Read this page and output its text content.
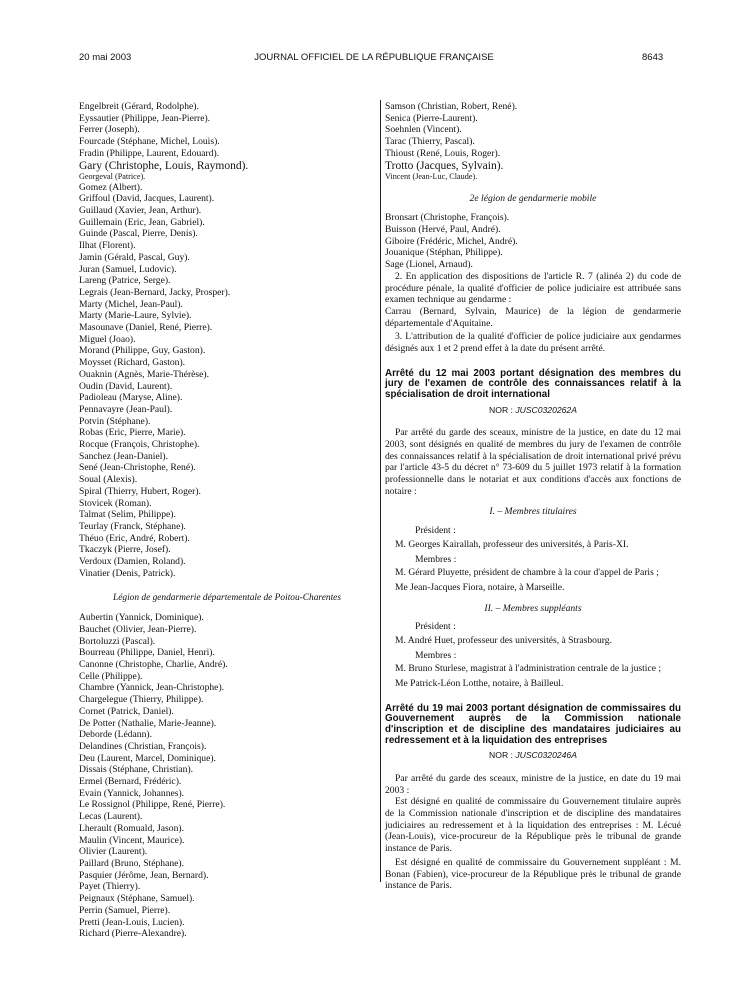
20 mai 2003	JOURNAL OFFICIEL DE LA RÉPUBLIQUE FRANÇAISE	8643
Engelbreit (Gérard, Rodolphe).
Eyssautier (Philippe, Jean-Pierre).
Ferrer (Joseph).
Fourcade (Stéphane, Michel, Louis).
Fradin (Philippe, Laurent, Edouard).
Gary (Christophe, Louis, Raymond).
Georgeval (Patrice).
Gomez (Albert).
Griffoul (David, Jacques, Laurent).
Guillaud (Xavier, Jean, Arthur).
Guillemain (Eric, Jean, Gabriel).
Guinde (Pascal, Pierre, Denis).
Ilhat (Florent).
Jamin (Gérald, Pascal, Guy).
Juran (Samuel, Ludovic).
Lareng (Patrice, Serge).
Legrais (Jean-Bernard, Jacky, Prosper).
Marty (Michel, Jean-Paul).
Marty (Marie-Laure, Sylvie).
Masounave (Daniel, René, Pierre).
Miguel (Joao).
Morand (Philippe, Guy, Gaston).
Moysset (Richard, Gaston).
Ouaknin (Agnès, Marie-Thérèse).
Oudin (David, Laurent).
Padioleau (Maryse, Aline).
Pennavayre (Jean-Paul).
Potvin (Stéphane).
Robas (Eric, Pierre, Marie).
Rocque (François, Christophe).
Sanchez (Jean-Daniel).
Sené (Jean-Christophe, René).
Soual (Alexis).
Spiral (Thierry, Hubert, Roger).
Stovicek (Roman).
Talmat (Selim, Philippe).
Teurlay (Franck, Stéphane).
Théuo (Eric, André, Robert).
Tkaczyk (Pierre, Josef).
Verdoux (Damien, Roland).
Vinatier (Denis, Patrick).
Légion de gendarmerie départementale de Poitou-Charentes
Aubertin (Yannick, Dominique).
Bauchet (Olivier, Jean-Pierre).
Bortoluzzi (Pascal).
Bourreau (Philippe, Daniel, Henri).
Canonne (Christophe, Charlie, André).
Celle (Philippe).
Chambre (Yannick, Jean-Christophe).
Chargelegue (Thierry, Philippe).
Cornet (Patrick, Daniel).
De Potter (Nathalie, Marie-Jeanne).
Deborde (Lédann).
Delandines (Christian, François).
Deu (Laurent, Marcel, Dominique).
Dissais (Stéphane, Christian).
Ermel (Bernard, Frédéric).
Evain (Yannick, Johannes).
Le Rossignol (Philippe, René, Pierre).
Lecas (Laurent).
Lherault (Romuald, Jason).
Maulin (Vincent, Maurice).
Olivier (Laurent).
Paillard (Bruno, Stéphane).
Pasquier (Jérôme, Jean, Bernard).
Payet (Thierry).
Peignaux (Stéphane, Samuel).
Perrin (Samuel, Pierre).
Pretti (Jean-Louis, Lucien).
Richard (Pierre-Alexandre).
Samson (Christian, Robert, René).
Senica (Pierre-Laurent).
Soehnlen (Vincent).
Tarac (Thierry, Pascal).
Thioust (René, Louis, Roger).
Trotto (Jacques, Sylvain).
Vincent (Jean-Luc, Claude).
2e légion de gendarmerie mobile
Bronsart (Christophe, François).
Buisson (Hervé, Paul, André).
Giboire (Frédéric, Michel, André).
Jouanique (Stéphan, Philippe).
Sage (Lionel, Arnaud).
2. En application des dispositions de l'article R. 7 (alinéa 2) du code de procédure pénale, la qualité d'officier de police judiciaire est attribuée sans examen technique au gendarme :
Carrau (Bernard, Sylvain, Maurice) de la légion de gendarmerie départementale d'Aquitaine.
3. L'attribution de la qualité d'officier de police judiciaire aux gendarmes désignés aux 1 et 2 prend effet à la date du présent arrêté.
Arrêté du 12 mai 2003 portant désignation des membres du jury de l'examen de contrôle des connaissances relatif à la spécialisation de droit international
NOR : JUSC0320262A
Par arrêté du garde des sceaux, ministre de la justice, en date du 12 mai 2003, sont désignés en qualité de membres du jury de l'examen de contrôle des connaissances relatif à la spécialisation de droit international privé prévu par l'article 43-5 du décret n° 73-609 du 5 juillet 1973 relatif à la formation professionnelle dans le notariat et aux conditions d'accès aux fonctions de notaire :
I. – Membres titulaires
Président :
M. Georges Kairallah, professeur des universités, à Paris-XI.
Membres :
M. Gérard Pluyette, président de chambre à la cour d'appel de Paris ;
Me Jean-Jacques Fiora, notaire, à Marseille.
II. – Membres suppléants
Président :
M. André Huet, professeur des universités, à Strasbourg.
Membres :
M. Bruno Sturlese, magistrat à l'administration centrale de la justice ;
Me Patrick-Léon Lotthe, notaire, à Bailleul.
Arrêté du 19 mai 2003 portant désignation de commissaires du Gouvernement auprès de la Commission nationale d'inscription et de discipline des mandataires judiciaires au redressement et à la liquidation des entreprises
NOR : JUSC0320246A
Par arrêté du garde des sceaux, ministre de la justice, en date du 19 mai 2003 :
Est désigné en qualité de commissaire du Gouvernement titulaire auprès de la Commission nationale d'inscription et de discipline des mandataires judiciaires au redressement et à la liquidation des entreprises : M. Lécué (Jean-Louis), vice-procureur de la République près le tribunal de grande instance de Paris.
Est désigné en qualité de commissaire du Gouvernement suppléant : M. Bonan (Fabien), vice-procureur de la République près le tribunal de grande instance de Paris.
